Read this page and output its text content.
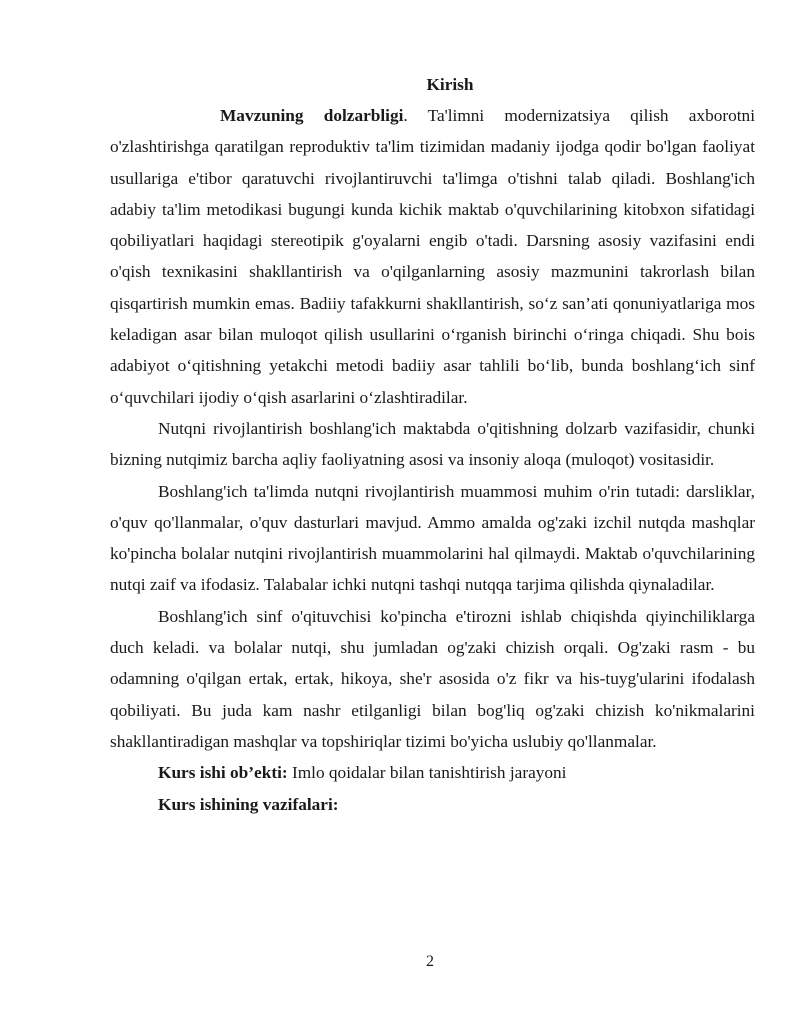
Kirish

Mavzuning dolzarbligi. Ta'limni modernizatsiya qilish axborotni o'zlashtirishga qaratilgan reproduktiv ta'lim tizimidan madaniy ijodga qodir bo'lgan faoliyat usullariga e'tibor qaratuvchi rivojlantiruvchi ta'limga o'tishni talab qiladi. Boshlang'ich adabiy ta'lim metodikasi bugungi kunda kichik maktab o'quvchilarining kitobxon sifatidagi qobiliyatlari haqidagi stereotipik g'oyalarni engib o'tadi. Darsning asosiy vazifasini endi o'qish texnikasini shakllantirish va o'qilganlarning asosiy mazmunini takrorlash bilan qisqartirish mumkin emas. Badiiy tafakkurni shakllantirish, so‘z san’ati qonuniyatlariga mos keladigan asar bilan muloqot qilish usullarini o‘rganish birinchi o‘ringa chiqadi. Shu bois adabiyot o‘qitishning yetakchi metodi badiiy asar tahlili bo‘lib, bunda boshlang‘ich sinf o‘quvchilari ijodiy o‘qish asarlarini o‘zlashtiradilar.

Nutqni rivojlantirish boshlang'ich maktabda o'qitishning dolzarb vazifasidir, chunki bizning nutqimiz barcha aqliy faoliyatning asosi va insoniy aloqa (muloqot) vositasidir.

Boshlang'ich ta'limda nutqni rivojlantirish muammosi muhim o'rin tutadi: darsliklar, o'quv qo'llanmalar, o'quv dasturlari mavjud. Ammo amalda og'zaki izchil nutqda mashqlar ko'pincha bolalar nutqini rivojlantirish muammolarini hal qilmaydi. Maktab o'quvchilarining nutqi zaif va ifodasiz. Talabalar ichki nutqni tashqi nutqqa tarjima qilishda qiynaladilar.

Boshlang'ich sinf o'qituvchisi ko'pincha e'tirozni ishlab chiqishda qiyinchiliklarga duch keladi. va bolalar nutqi, shu jumladan og'zaki chizish orqali. Og'zaki rasm - bu odamning o'qilgan ertak, ertak, hikoya, she'r asosida o'z fikr va his-tuyg'ularini ifodalash qobiliyati. Bu juda kam nashr etilganligi bilan bog'liq og'zaki chizish ko'nikmalarini shakllantiradigan mashqlar va topshiriqlar tizimi bo'yicha uslubiy qo'llanmalar.

Kurs ishi ob’ekti: Imlo qoidalar bilan tanishtirish jarayoni

Kurs ishining vazifalari:

2
